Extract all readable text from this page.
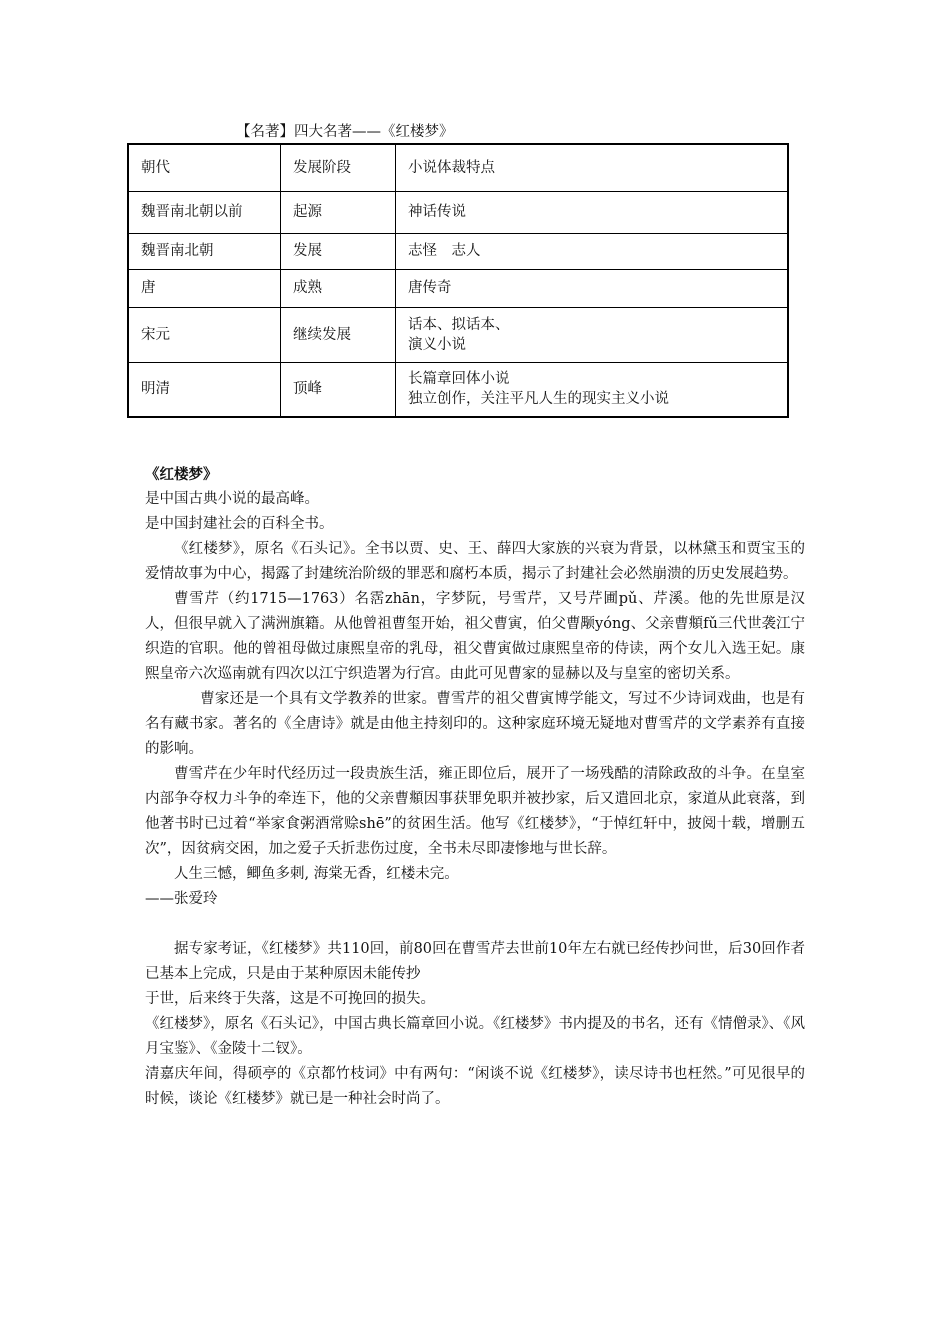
【名著】四大名著——《红楼梦》
朝代	发展阶段	小说体裁特点
魏晋南北朝以前	起源	神话传说

魏晋南北朝	发展	志怪　志人

唐	成熟	唐传奇

宋元	继续发展	话本、拟话本、
演义小说

明清	顶峰	长篇章回体小说
独立创作，关注平凡人生的现实主义小说

《红楼梦》

是中国古典小说的最高峰。

是中国封建社会的百科全书。

《红楼梦》，原名《石头记》。全书以贾、史、王、薛四大家族的兴衰为背景，以林黛玉和贾宝玉的爱情故事为中心，揭露了封建统治阶级的罪恶和腐朽本质，揭示了封建社会必然崩溃的历史发展趋势。

曹雪芹（约1715—1763）名霑zhān，字梦阮，号雪芹，又号芹圃pǔ、芹溪。他的先世原是汉人，但很早就入了满洲旗籍。从他曾祖曹玺开始，祖父曹寅，伯父曹颙yóng、父亲曹頫fǔ三代世袭江宁织造的官职。他的曾祖母做过康熙皇帝的乳母，祖父曹寅做过康熙皇帝的侍读，两个女儿入选王妃。康熙皇帝六次巡南就有四次以江宁织造署为行宫。由此可见曹家的显赫以及与皇室的密切关系。

曹家还是一个具有文学教养的世家。曹雪芹的祖父曹寅博学能文，写过不少诗词戏曲，也是有名有藏书家。著名的《全唐诗》就是由他主持刻印的。这种家庭环境无疑地对曹雪芹的文学素养有直接的影响。

曹雪芹在少年时代经历过一段贵族生活，雍正即位后，展开了一场残酷的清除政敌的斗争。在皇室内部争夺权力斗争的牵连下，他的父亲曹頫因事获罪免职并被抄家，后又遣回北京，家道从此衰落，到他著书时已过着“举家食粥酒常赊shē”的贫困生活。他写《红楼梦》，“于悼红轩中，披阅十载，增删五次”，因贫病交困，加之爱子夭折悲伤过度，全书未尽即凄惨地与世长辞。

人生三憾，鲫鱼多刺, 海棠无香，红楼未完。

——张爱玲

据专家考证，《红楼梦》共110回，前80回在曹雪芹去世前10年左右就已经传抄问世，后30回作者已基本上完成，只是由于某种原因未能传抄

于世，后来终于失落，这是不可挽回的损失。

《红楼梦》，原名《石头记》，中国古典长篇章回小说。《红楼梦》书内提及的书名，还有《情僧录》、《风月宝鉴》、《金陵十二钗》。

清嘉庆年间，得硕亭的《京都竹枝词》中有两句：“闲谈不说《红楼梦》，读尽诗书也枉然。”可见很早的时候，谈论《红楼梦》就已是一种社会时尚了。
